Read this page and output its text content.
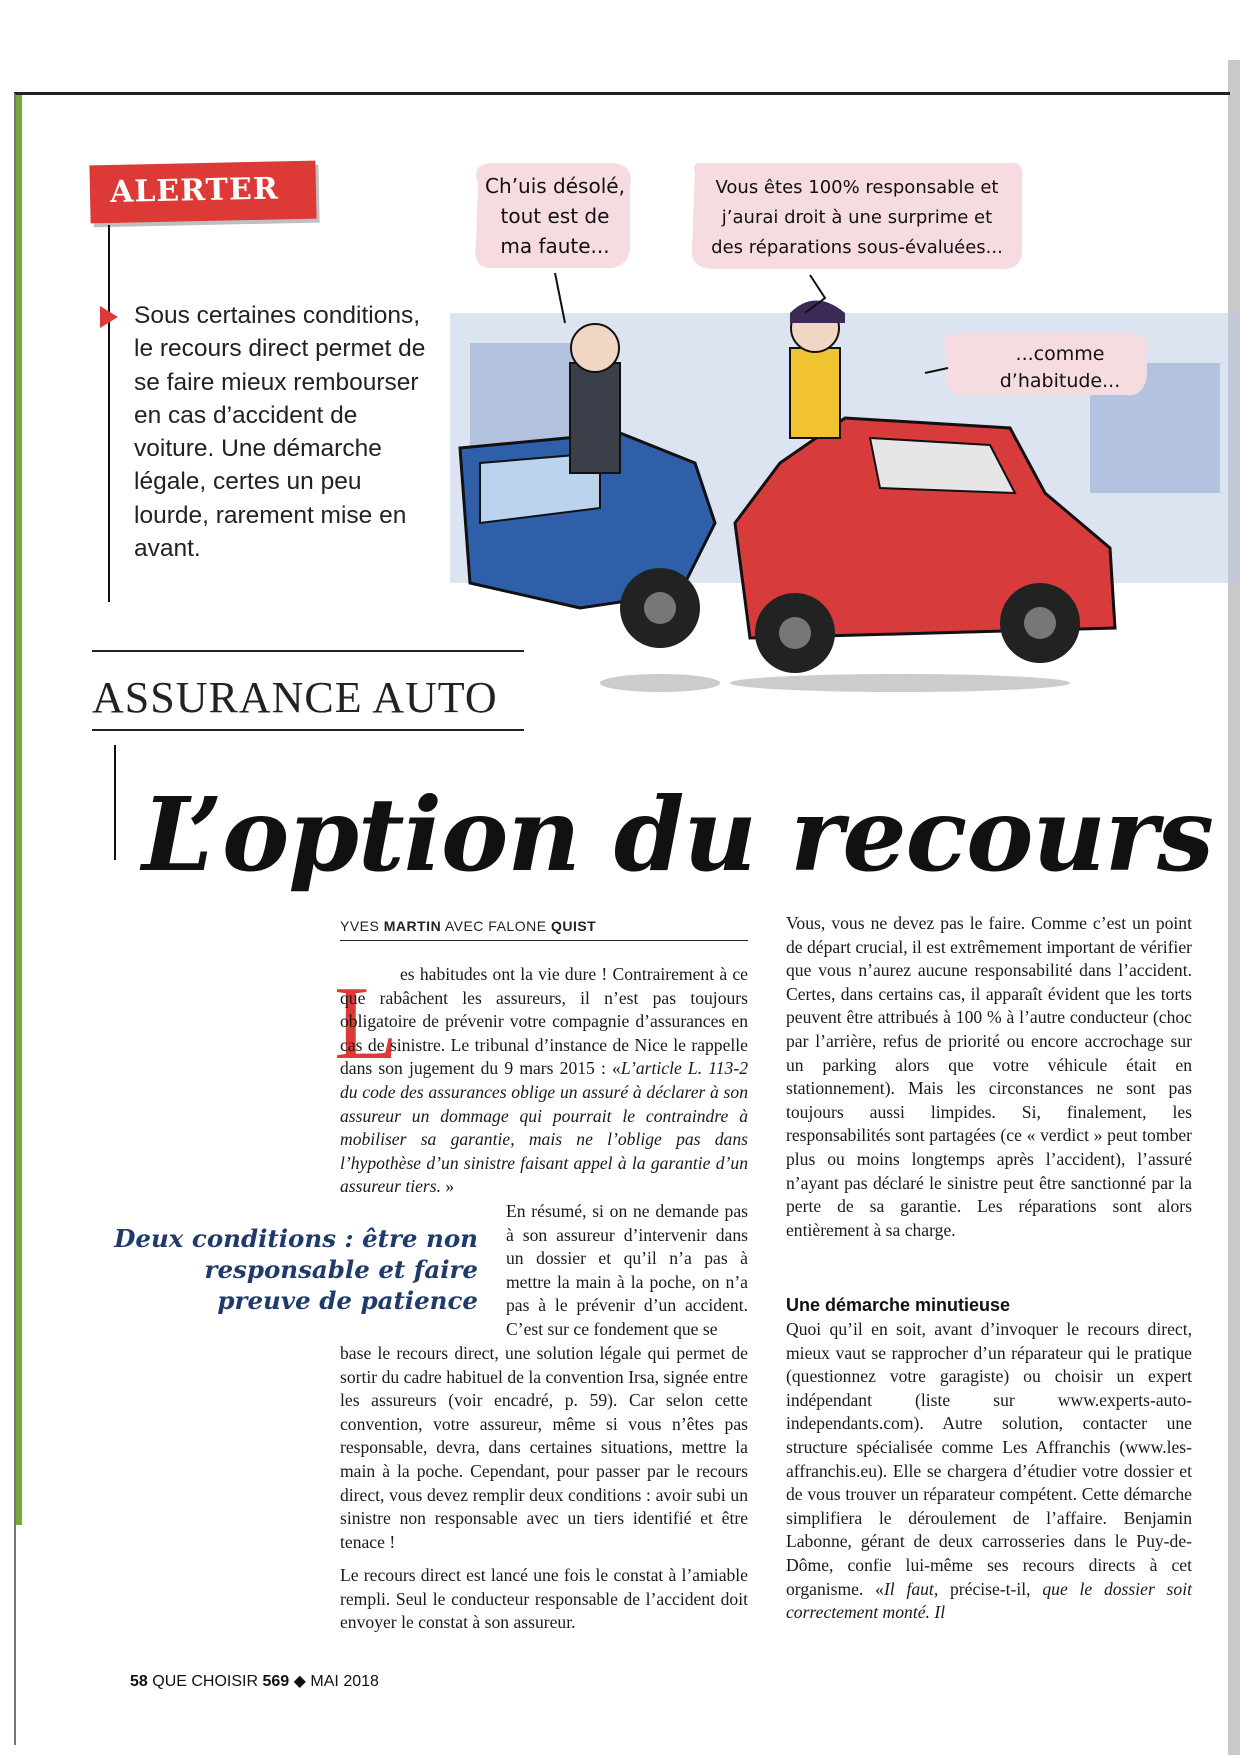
ALERTER

Sous certaines conditions, le recours direct permet de se faire mieux rembourser en cas d’accident de voiture. Une démarche légale, certes un peu lourde, rarement mise en avant.

Ch’uis désolé,
tout est de
ma faute...
Vous êtes 100% responsable et
j’aurai droit à une surprime et
des réparations sous-évaluées...
...comme
d’habitude...
ASSURANCE AUTO
L’option du recours
YVES MARTIN AVEC FALONE QUIST
L es habitudes ont la vie dure ! Contrairement à ce que rabâchent les assureurs, il n’est pas toujours obligatoire de prévenir votre compagnie d’assurances en cas de sinistre. Le tribunal d’instance de Nice le rappelle dans son jugement du 9 mars 2015 : «L’article L. 113-2 du code des assurances oblige un assuré à déclarer à son assureur un dommage qui pourrait le contraindre à mobiliser sa garantie, mais ne l’oblige pas dans l’hypothèse d’un sinistre faisant appel à la garantie d’un assureur tiers. »

En résumé, si on ne demande pas à son assureur d’intervenir dans un dossier et qu’il n’a pas à mettre la main à la poche, on n’a pas à le prévenir d’un accident. C’est sur ce fondement que se

Deux conditions : être non responsable et faire preuve de patience

base le recours direct, une solution légale qui permet de sortir du cadre habituel de la convention Irsa, signée entre les assureurs (voir encadré, p. 59). Car selon cette convention, votre assureur, même si vous n’êtes pas responsable, devra, dans certaines situations, mettre la main à la poche. Cependant, pour passer par le recours direct, vous devez remplir deux conditions : avoir subi un sinistre non responsable avec un tiers identifié et être tenace !

Le recours direct est lancé une fois le constat à l’amiable rempli. Seul le conducteur responsable de l’accident doit envoyer le constat à son assureur.

Vous, vous ne devez pas le faire. Comme c’est un point de départ crucial, il est extrêmement important de vérifier que vous n’aurez aucune responsabilité dans l’accident. Certes, dans certains cas, il apparaît évident que les torts peuvent être attribués à 100 % à l’autre conducteur (choc par l’arrière, refus de priorité ou encore accrochage sur un parking alors que votre véhicule était en stationnement). Mais les circonstances ne sont pas toujours aussi limpides. Si, finalement, les responsabilités sont partagées (ce « verdict » peut tomber plus ou moins longtemps après l’accident), l’assuré n’ayant pas déclaré le sinistre peut être sanctionné par la perte de sa garantie. Les réparations sont alors entièrement à sa charge.

Une démarche minutieuse

Quoi qu’il en soit, avant d’invoquer le recours direct, mieux vaut se rapprocher d’un réparateur qui le pratique (questionnez votre garagiste) ou choisir un expert indépendant (liste sur www.experts-auto-independants.com). Autre solution, contacter une structure spécialisée comme Les Affranchis (www.les-affranchis.eu). Elle se chargera d’étudier votre dossier et de vous trouver un réparateur compétent. Cette démarche simplifiera le déroulement de l’affaire. Benjamin Labonne, gérant de deux carrosseries dans le Puy-de-Dôme, confie lui-même ses recours directs à cet organisme. «Il faut, précise-t-il, que le dossier soit correctement monté. Il

58 QUE CHOISIR 569 ◆ MAI 2018
